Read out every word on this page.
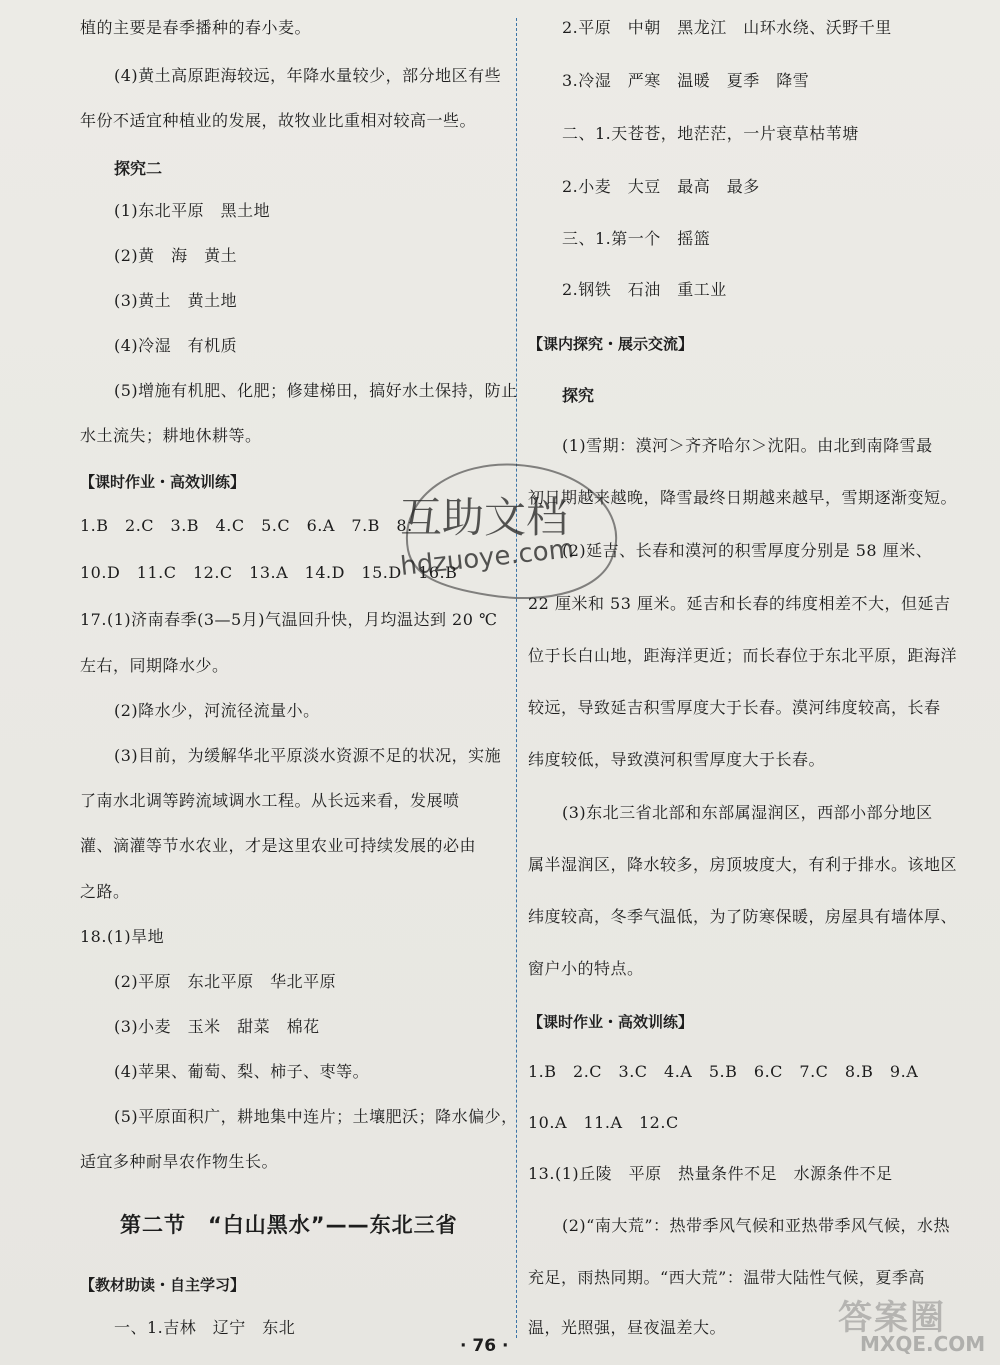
植的主要是春季播种的春小麦。
(4)黄土高原距海较远，年降水量较少，部分地区有些
年份不适宜种植业的发展，故牧业比重相对较高一些。
探究二
(1)东北平原　黑土地
(2)黄　海　黄土
(3)黄土　黄土地
(4)冷湿　有机质
(5)增施有机肥、化肥；修建梯田，搞好水土保持，防止
水土流失；耕地休耕等。
【课时作业・高效训练】
1.B　2.C　3.B　4.C　5.C　6.A　7.B　8.
10.D　11.C　12.C　13.A　14.D　15.D　16.B
17.(1)济南春季(3—5月)气温回升快，月均温达到 20 ℃
左右，同期降水少。
(2)降水少，河流径流量小。
(3)目前，为缓解华北平原淡水资源不足的状况，实施
了南水北调等跨流域调水工程。从长远来看，发展喷
灌、滴灌等节水农业，才是这里农业可持续发展的必由
之路。
18.(1)旱地
(2)平原　东北平原　华北平原
(3)小麦　玉米　甜菜　棉花
(4)苹果、葡萄、梨、柿子、枣等。
(5)平原面积广，耕地集中连片；土壤肥沃；降水偏少，
适宜多种耐旱农作物生长。
第二节　“白山黑水”——东北三省
【教材助读・自主学习】
一、1.吉林　辽宁　东北
2.平原　中朝　黑龙江　山环水绕、沃野千里
3.冷湿　严寒　温暖　夏季　降雪
二、1.天苍苍，地茫茫，一片衰草枯苇塘
2.小麦　大豆　最高　最多
三、1.第一个　摇篮
2.钢铁　石油　重工业
【课内探究・展示交流】
探究
(1)雪期：漠河＞齐齐哈尔＞沈阳。由北到南降雪最
初日期越来越晚，降雪最终日期越来越早，雪期逐渐变短。
(2)延吉、长春和漠河的积雪厚度分别是 58 厘米、
22 厘米和 53 厘米。延吉和长春的纬度相差不大，但延吉
位于长白山地，距海洋更近；而长春位于东北平原，距海洋
较远，导致延吉积雪厚度大于长春。漠河纬度较高，长春
纬度较低，导致漠河积雪厚度大于长春。
(3)东北三省北部和东部属湿润区，西部小部分地区
属半湿润区，降水较多，房顶坡度大，有利于排水。该地区
纬度较高，冬季气温低，为了防寒保暖，房屋具有墙体厚、
窗户小的特点。
【课时作业・高效训练】
1.B　2.C　3.C　4.A　5.B　6.C　7.C　8.B　9.A
10.A　11.A　12.C
13.(1)丘陵　平原　热量条件不足　水源条件不足
(2)“南大荒”：热带季风气候和亚热带季风气候，水热
充足，雨热同期。“西大荒”：温带大陆性气候，夏季高
温，光照强，昼夜温差大。
互助文档
hdzuoye.com
答案圈
MXQE.COM
· 76 ·
